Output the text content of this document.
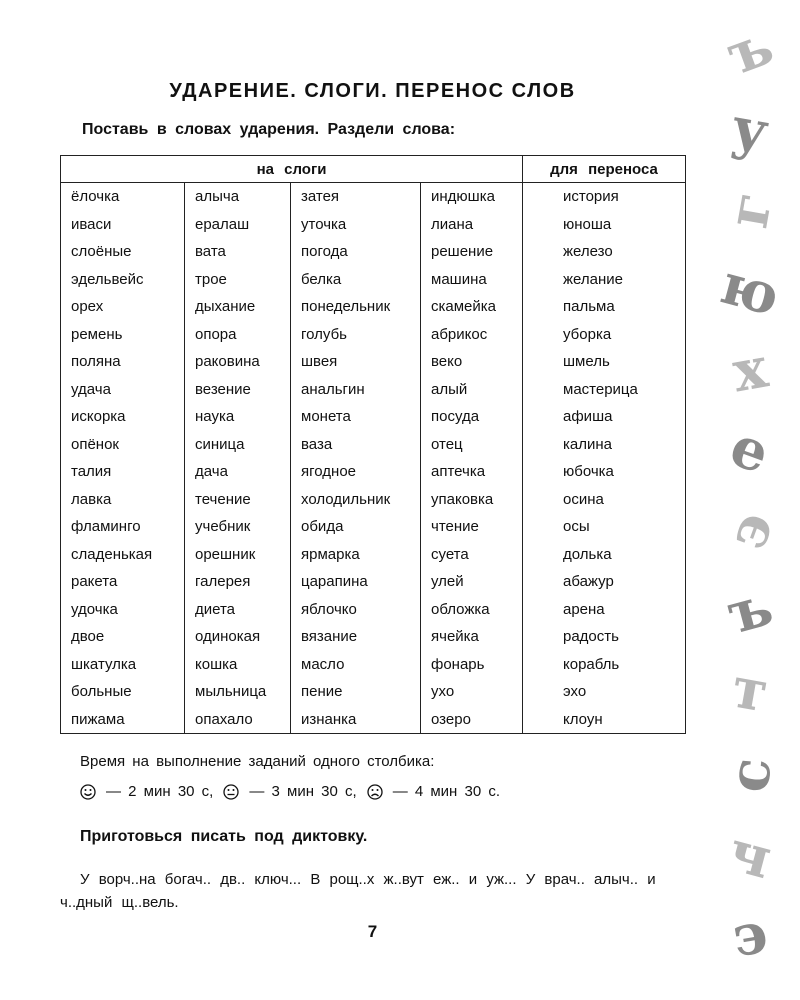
УДАРЕНИЕ. СЛОГИ. ПЕРЕНОС СЛОВ
Поставь в словах ударения. Раздели слова:
на слоги				для переноса
ёлочка	алыча	затея	индюшка	история
иваси	ералаш	уточка	лиана	юноша
слоёные	вата	погода	решение	железо
эдельвейс	трое	белка	машина	желание
орех	дыхание	понедельник	скамейка	пальма
ремень	опора	голубь	абрикос	уборка
поляна	раковина	швея	веко	шмель
удача	везение	анальгин	алый	мастерица
искорка	наука	монета	посуда	афиша
опёнок	синица	ваза	отец	калина
талия	дача	ягодное	аптечка	юбочка
лавка	течение	холодильник	упаковка	осина
фламинго	учебник	обида	чтение	осы
сладенькая	орешник	ярмарка	суета	долька
ракета	галерея	царапина	улей	абажур
удочка	диета	яблочко	обложка	арена
двое	одинокая	вязание	ячейка	радость
шкатулка	кошка	масло	фонарь	корабль
больные	мыльница	пение	ухо	эхо
пижама	опахало	изнанка	озеро	клоун
Время на выполнение заданий одного столбика:
— 2 мин 30 с, — 3 мин 30 с, — 4 мин 30 с.
Приготовься писать под диктовку.
У ворч..на богач.. дв.. ключ... В рощ..х ж..вут еж.. и уж... У врач.. алыч.. и ч..дный щ..вель.
7
ъ
у
г
ю
х
е
э
ъ
т
с
ч
э
